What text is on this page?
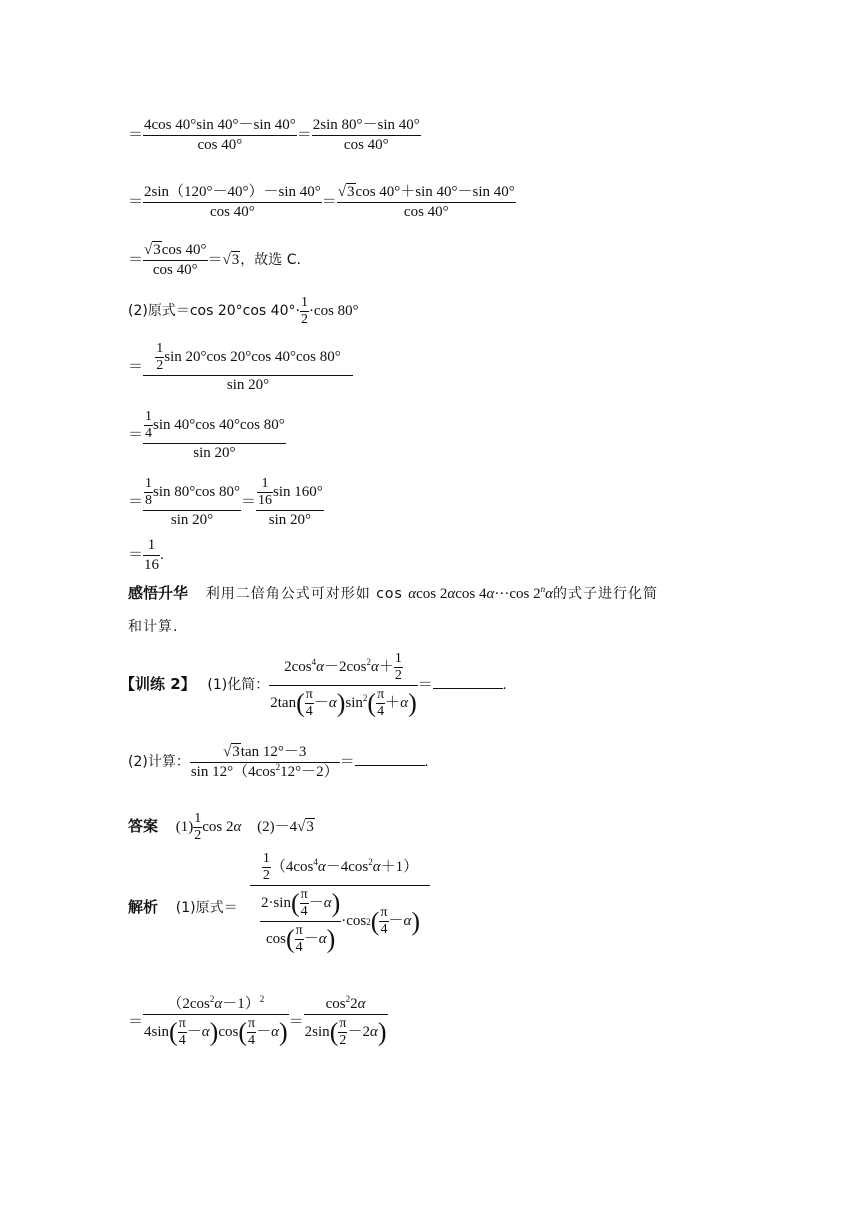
＝ $\frac{4\cos 40^\circ\sin 40^\circ-\sin 40^\circ}{\cos 40^\circ} = \frac{2\sin 80^\circ-\sin 40^\circ}{\cos 40^\circ}$
＝ $\frac{2\sin(120^\circ-40^\circ)-\sin 40^\circ}{\cos 40^\circ} = \frac{√3\cos 40^\circ+\sin 40^\circ-\sin 40^\circ}{\cos 40^\circ}$
＝ $\frac{√3\cos 40^\circ}{\cos 40^\circ} =√3$，故选 C.
(2)原式＝cos 20°cos $40^\circ\cdot \frac{1}{2} \cdot\cos$ 80°
＝ $\frac{\frac{1}{2} \sin 20^\circ\cos 20^\circ\cos 40^\circ\cos 80^\circ}{\sin 20^\circ}$
＝ $\frac{\frac{1}{4} \sin 40^\circ\cos 40^\circ\cos 80^\circ}{\sin 20^\circ}$
＝ $\frac{\frac{1}{8} \sin 80^\circ\cos 80^\circ}{\sin 20^\circ} = \frac{\frac{1}{16} \sin 160^\circ}{\sin 20^\circ}$
＝ $\frac{1}{16}$ .
感悟升华 利用二倍角公式可对形如 cos αcos 2αcos 4α···cos 2$^n$α的式子进行化简
和计算.
【训练 2】 (1)化简： $\frac{2\cos^4\alpha-2\cos^2\alpha+ \frac{1}{2}}{2\tan( \frac{\pi}{4} -\alpha)\sin^2( \frac{\pi}{4} +\alpha)}$ ＝	.
(2)计算： $\frac{√3\tan 12^\circ-3}{\sin 12^\circ(4\cos^212^\circ-2)}$ ＝	.
答案 $(1) \frac{1}{2}$ cos 2α (2)－4√3
解析 (1)原式＝ $\frac{\frac{1}{2} (4\cos^4\alpha-4\cos^2\alpha+1)}{\frac{2\cdot\sin( \frac{\pi}{4} -\alpha)}{\cos( \frac{\pi}{4} -\alpha)} \cdot\cos 2 ( \frac{\pi}{4} - \alpha )}$
＝ $\frac{(2\cos^2\alpha-1)^2}{4\sin( \frac{\pi}{4} -\alpha)\cos( \frac{\pi}{4} -\alpha)} = \frac{\cos^22\alpha}{2\sin( \frac{\pi}{2} -2\alpha)}$
